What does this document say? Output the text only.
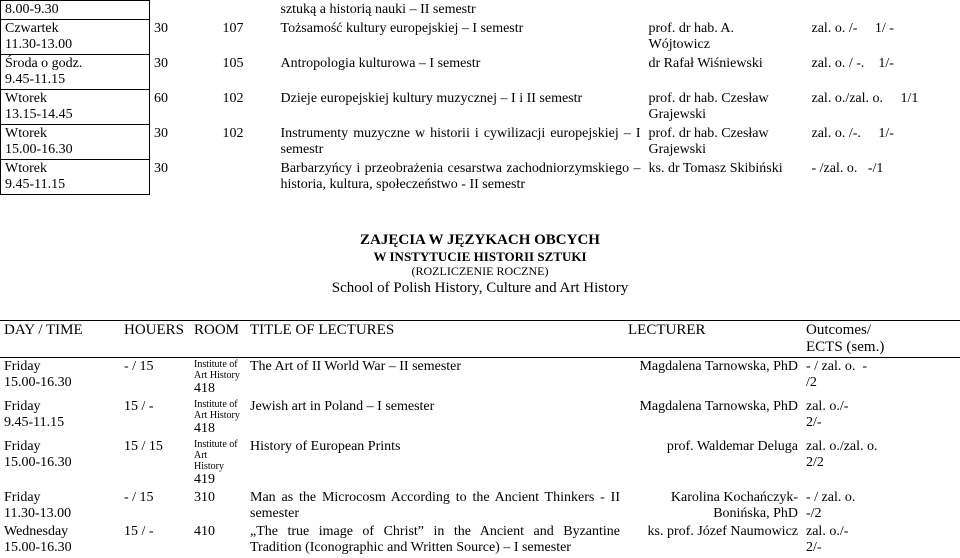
8.00-9.30			sztuką a historią nauki – II semestr		
Czwartek
11.30-13.00	30	107	Tożsamość kultury europejskiej – I semestr	prof. dr hab. A.
Wójtowicz	zal. o. /-     1/ -
Środa o godz.
9.45-11.15	30	105	Antropologia kulturowa – I semestr	dr Rafał Wiśniewski	zal. o. / -.    1/-
Wtorek
13.15-14.45	60	102	Dzieje europejskiej kultury muzycznej – I i II semestr	prof. dr hab. Czesław
Grajewski	zal. o./zal. o.     1/1
Wtorek
15.00-16.30	30	102	Instrumenty muzyczne w historii i cywilizacji europejskiej – I semestr	prof. dr hab. Czesław
Grajewski	zal. o. /-.     1/-
Wtorek
9.45-11.15	30		Barbarzyńcy i przeobrażenia cesarstwa zachodniorzymskiego – historia, kultura, społeczeństwo - II semestr	ks. dr Tomasz Skibiński	- /zal. o.   -/1
ZAJĘCIA W JĘZYKACH OBCYCH
W INSTYTUCIE HISTORII SZTUKI
(ROZLICZENIE ROCZNE)
School of Polish History, Culture and Art History
DAY / TIME	HOUERS	ROOM	TITLE OF LECTURES	LECTURER	Outcomes/
ECTS (sem.)
Friday
15.00-16.30	- / 15	Institute of
Art History
418	The Art of II World War – II semester	Magdalena Tarnowska, PhD	- / zal. o.  -
/2
Friday
9.45-11.15	15 / -	Institute of
Art History
418	Jewish art in Poland – I semester	Magdalena Tarnowska, PhD	zal. o./-
2/-
Friday
15.00-16.30	15 / 15	Institute of
Art
History
419	History of European Prints	prof. Waldemar Deluga	zal. o./zal. o.
2/2
Friday
11.30-13.00	- / 15	310	Man as the Microcosm According to the Ancient Thinkers - II semester	Karolina Kochańczyk-
Bonińska, PhD	- / zal. o.
-/2
Wednesday
15.00-16.30	15 / -	410	„The true image of Christ” in the Ancient and Byzantine Tradition (Iconographic and Written Source) – I semester	ks. prof. Józef Naumowicz	zal. o./-
2/-
